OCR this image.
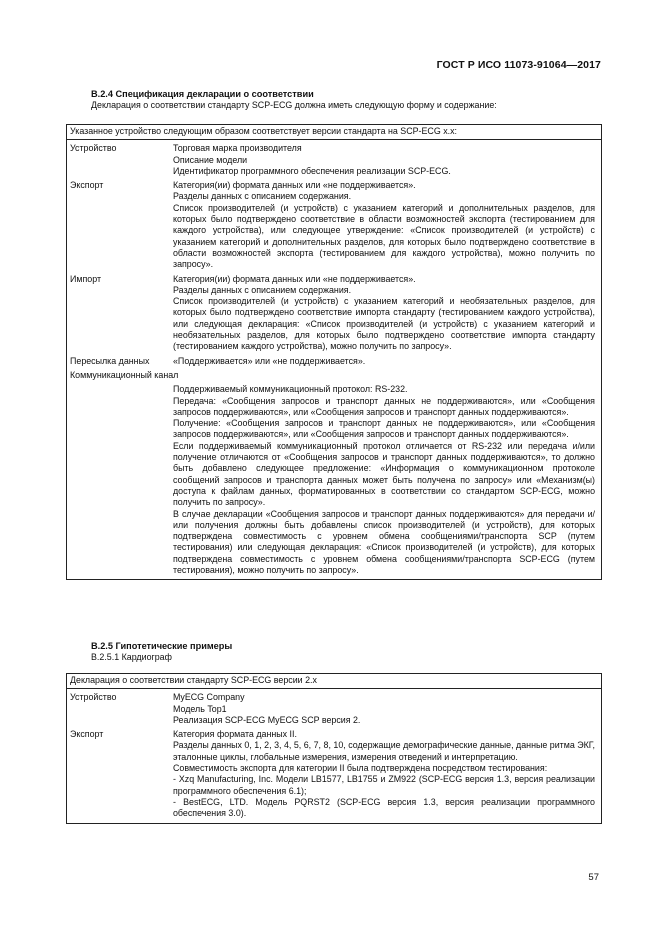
ГОСТ Р ИСО 11073-91064—2017
B.2.4 Спецификация декларации о соответствии
Декларация о соответствии стандарту SCP-ECG должна иметь следующую форму и содержание:
Указанное устройство следующим образом соответствует версии стандарта на SCP-ECG x.x:
Устройство	Торговая марка производителя
Описание модели
Идентификатор программного обеспечения реализации SCP-ECG.
Экспорт	Категория(ии) формата данных или «не поддерживается».
Разделы данных с описанием содержания.
Список производителей (и устройств) с указанием категорий и дополнительных разделов, для которых было подтверждено соответствие в области возможностей экспорта (тестированием для каждого устройства), или следующее утверждение: «Список производителей (и устройств) с указанием категорий и дополнительных разделов, для которых было подтверждено соответствие в области возможностей экспорта (тестированием для каждого устройства), можно получить по запросу».
Импорт	Категория(ии) формата данных или «не поддерживается».
Разделы данных с описанием содержания.
Список производителей (и устройств) с указанием категорий и необязательных разделов, для которых было подтверждено соответствие импорта стандарту (тестированием каждого устройства), или следующая декларация: «Список производителей (и устройств) с указанием категорий и необязательных разделов, для которых было подтверждено соответствие импорта стандарту (тестированием каждого устройства), можно получить по запросу».
Пересылка данных	«Поддерживается» или «не поддерживается».
Коммуникационный канал
Поддерживаемый коммуникационный протокол: RS-232.
Передача: «Сообщения запросов и транспорт данных не поддерживаются», или «Сообщения запросов поддерживаются», или «Сообщения запросов и транспорт данных поддерживаются».
Получение: «Сообщения запросов и транспорт данных не поддерживаются», или «Сообщения запросов поддерживаются», или «Сообщения запросов и транспорт данных поддерживаются».
Если поддерживаемый коммуникационный протокол отличается от RS-232 или передача и/или получение отличаются от «Сообщения запросов и транспорт данных поддерживаются», то должно быть добавлено следующее предложение: «Информация о коммуникационном протоколе сообщений запросов и транспорта данных может быть получена по запросу» или «Механизм(ы) доступа к файлам данных, форматированных в соответствии со стандартом SCP-ECG, можно получить по запросу».
В случае декларации «Сообщения запросов и транспорт данных поддерживаются» для передачи и/или получения должны быть добавлены список производителей (и устройств), для которых подтверждена совместимость с уровнем обмена сообщениями/транспорта SCP (путем тестирования) или следующая декларация: «Список производителей (и устройств), для которых подтверждена совместимость с уровнем обмена сообщениями/транспорта SCP-ECG (путем тестирования), можно получить по запросу».
B.2.5 Гипотетические примеры
B.2.5.1 Кардиограф
Декларация о соответствии стандарту SCP-ECG версии 2.x
Устройство	MyECG Company
Модель Top1
Реализация SCP-ECG MyECG SCP версия 2.
Экспорт	Категория формата данных II.
Разделы данных 0, 1, 2, 3, 4, 5, 6, 7, 8, 10, содержащие демографические данные, данные ритма ЭКГ, эталонные циклы, глобальные измерения, измерения отведений и интерпретацию.
Совместимость экспорта для категории II была подтверждена посредством тестирования:
- Xzq Manufacturing, Inc. Модели LB1577, LB1755 и ZM922 (SCP-ECG версия 1.3, версия реализации программного обеспечения 6.1);
- BestECG, LTD. Модель PQRST2 (SCP-ECG версия 1.3, версия реализации программного обеспечения 3.0).
57
